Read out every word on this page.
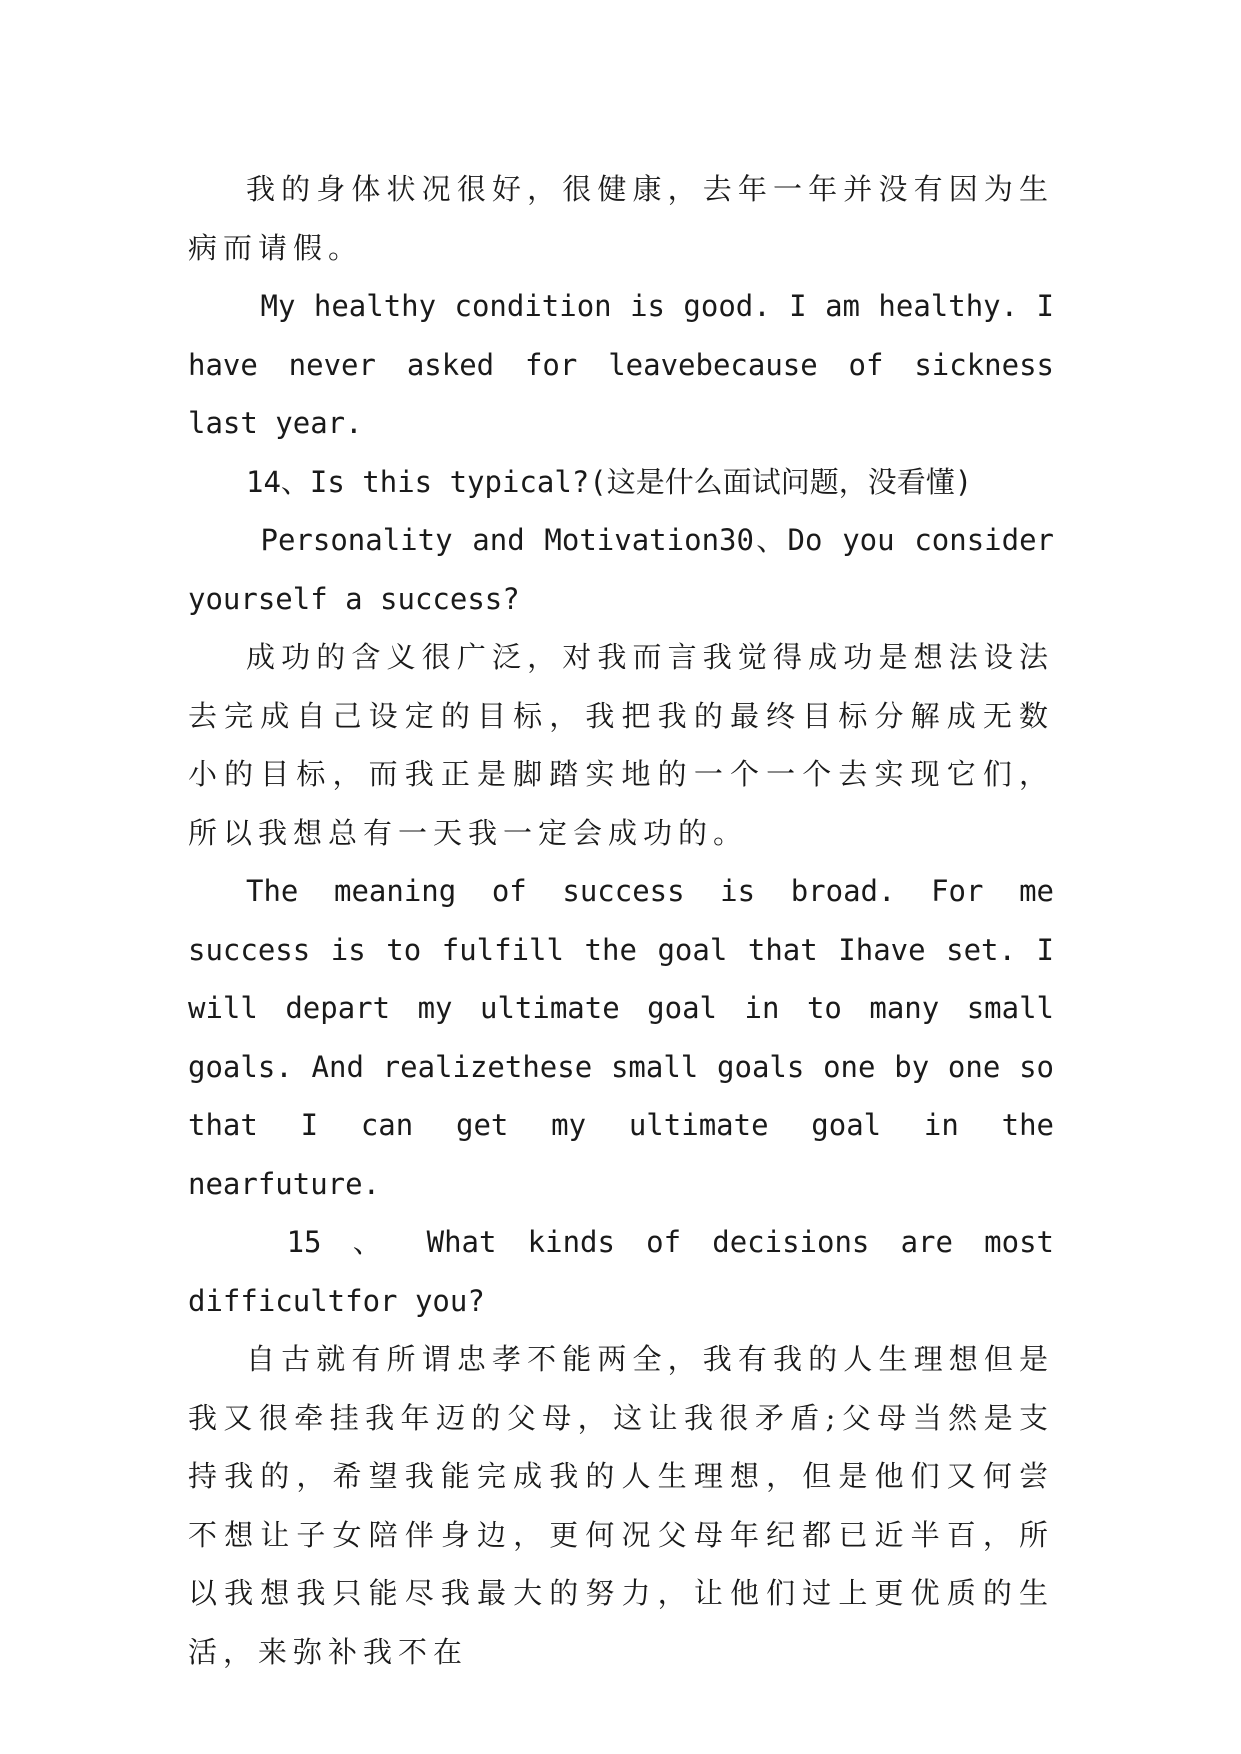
我的身体状况很好，很健康，去年一年并没有因为生病而请假。

My healthy condition is good. I am healthy. I have never asked for leavebecause of sickness last year.

14、Is this typical?(这是什么面试问题，没看懂)

Personality and Motivation30、Do you consider yourself a success?

成功的含义很广泛，对我而言我觉得成功是想法设法去完成自己设定的目标，我把我的最终目标分解成无数小的目标，而我正是脚踏实地的一个一个去实现它们，所以我想总有一天我一定会成功的。

The meaning of success is broad. For me success is to fulfill the goal that Ihave set. I will depart my ultimate goal in to many small goals. And realizethese small goals one by one so that I can get my ultimate goal in the nearfuture.

15 、 What kinds of decisions are most difficultfor you?

自古就有所谓忠孝不能两全，我有我的人生理想但是我又很牵挂我年迈的父母，这让我很矛盾;父母当然是支持我的，希望我能完成我的人生理想，但是他们又何尝不想让子女陪伴身边，更何况父母年纪都已近半百，所以我想我只能尽我最大的努力，让他们过上更优质的生活，来弥补我不在
